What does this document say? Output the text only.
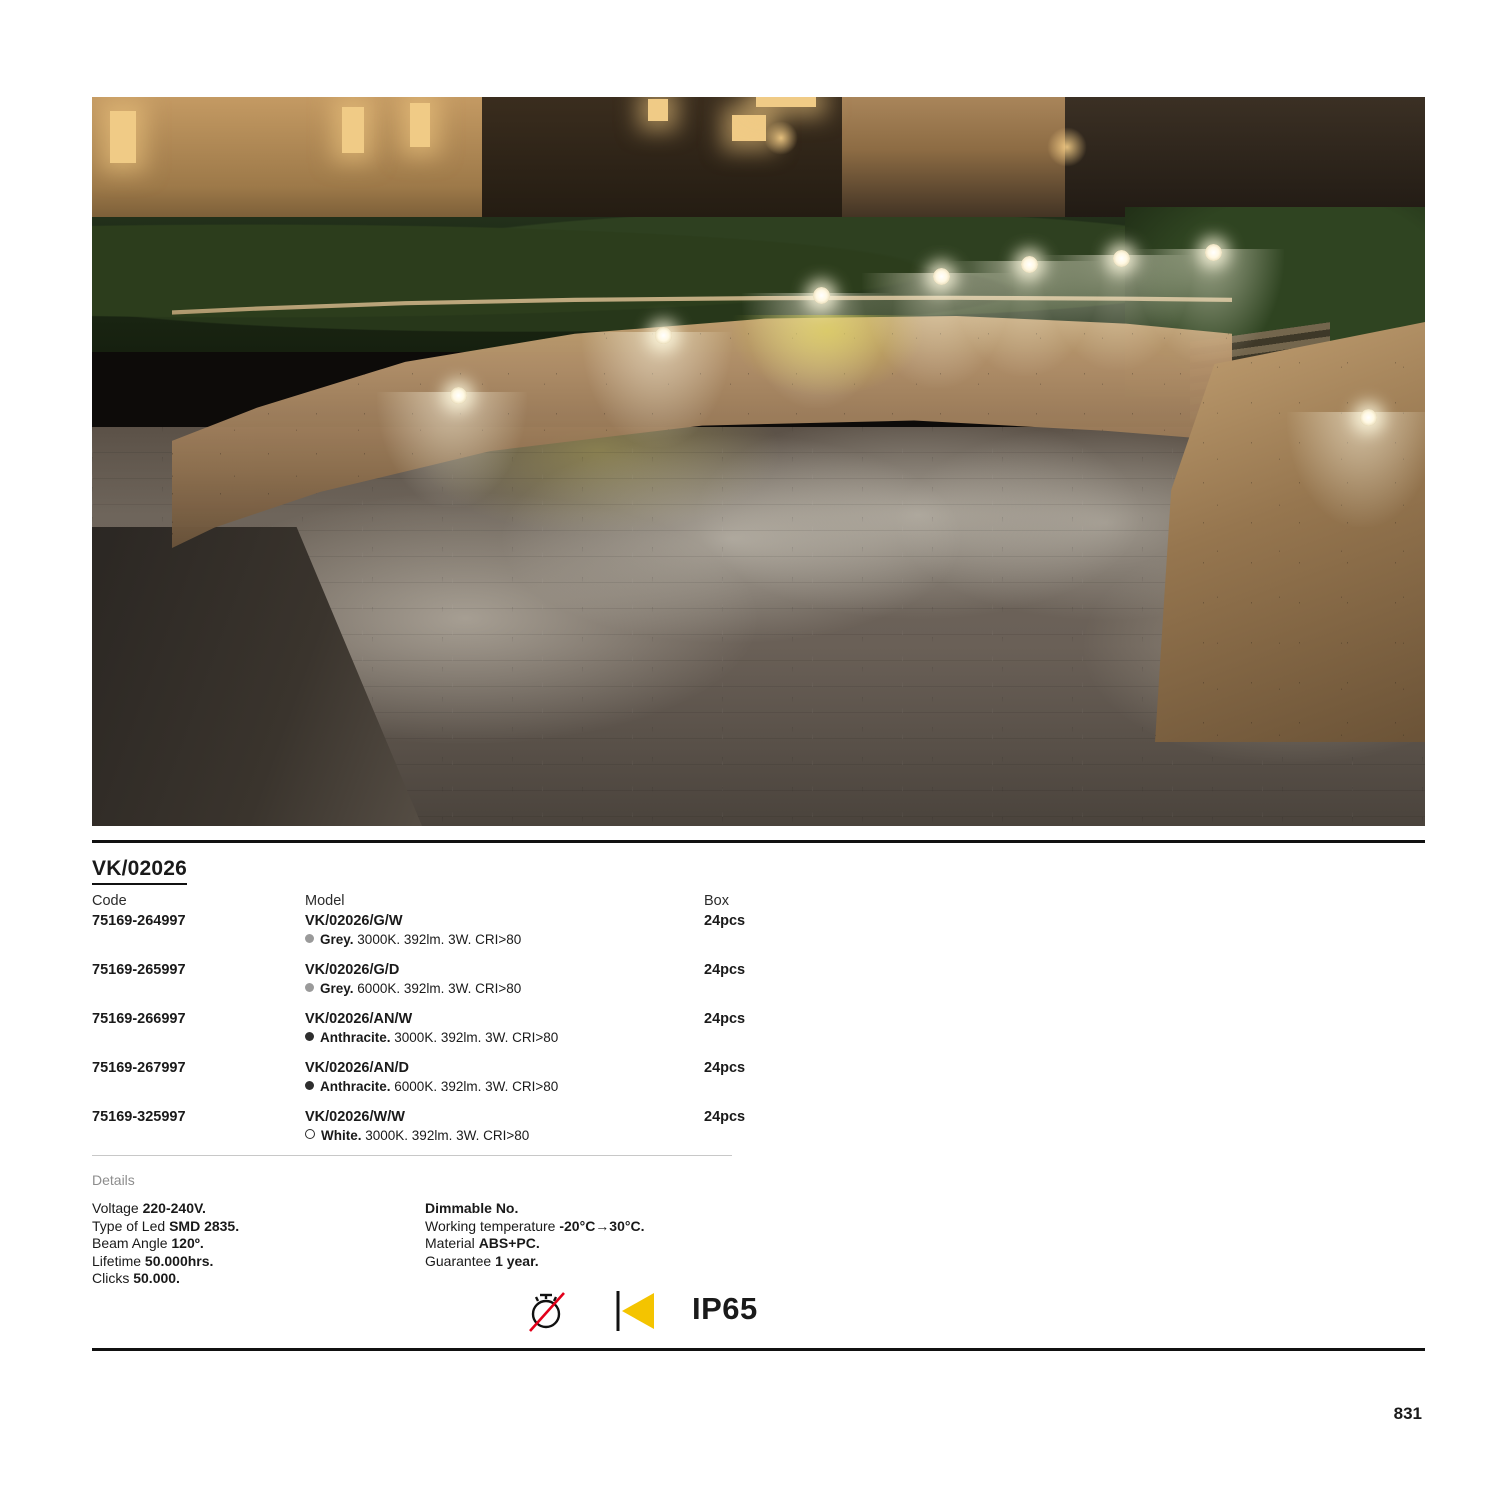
VK/02026
Code	Model	Box
75169-264997	VK/02026/G/W	24pcs
Grey. 3000K. 392lm. 3W. CRI>80
75169-265997	VK/02026/G/D	24pcs
Grey. 6000K. 392lm. 3W. CRI>80
75169-266997	VK/02026/AN/W	24pcs
Anthracite. 3000K. 392lm. 3W. CRI>80
75169-267997	VK/02026/AN/D	24pcs
Anthracite. 6000K. 392lm. 3W. CRI>80
75169-325997	VK/02026/W/W	24pcs
White. 3000K. 392lm. 3W. CRI>80
Details
Voltage 220-240V.
Type of Led SMD 2835.
Beam Angle 120º.
Lifetime 50.000hrs.
Clicks 50.000.
Dimmable No.
Working temperature -20°C→30°C.
Material ABS+PC.
Guarantee 1 year.
IP65
831
